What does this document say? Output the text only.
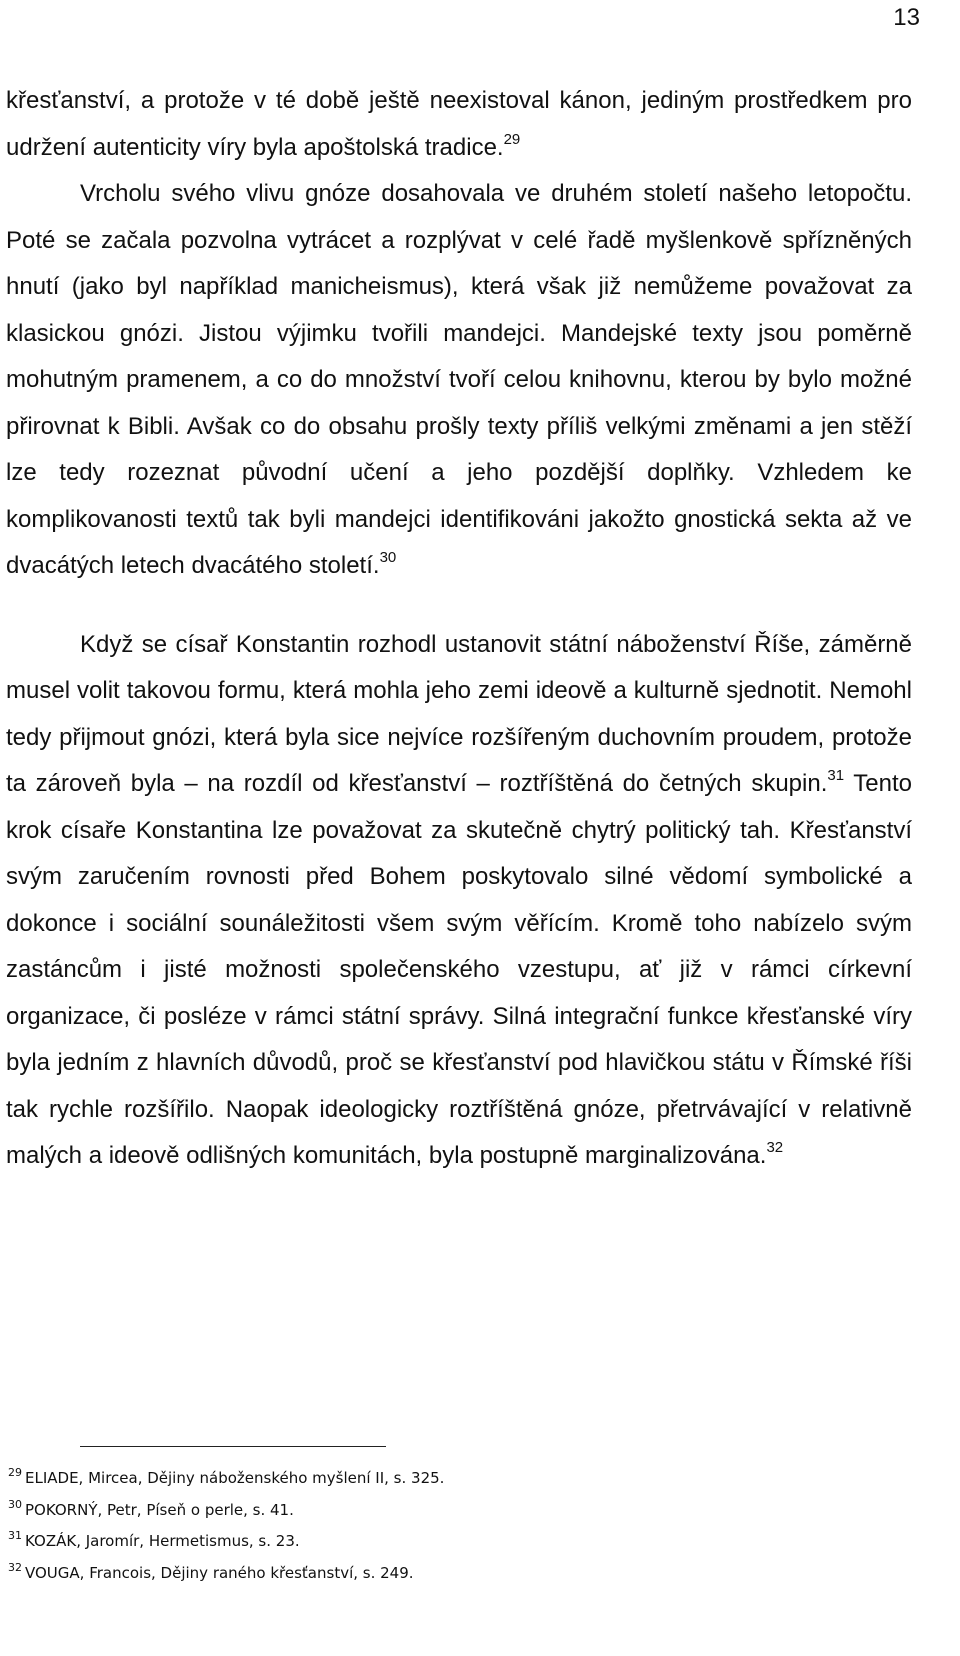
13

křesťanství, a protože v té době ještě neexistoval kánon, jediným prostředkem pro udržení autenticity víry byla apoštolská tradice.$^{29}$

Vrcholu svého vlivu gnóze dosahovala ve druhém století našeho letopočtu. Poté se začala pozvolna vytrácet a rozplývat v celé řadě myšlenkově spřízněných hnutí (jako byl například manicheismus), která však již nemůžeme považovat za klasickou gnózi. Jistou výjimku tvořili mandejci. Mandejské texty jsou poměrně mohutným pramenem, a co do množství tvoří celou knihovnu, kterou by bylo možné přirovnat k Bibli. Avšak co do obsahu prošly texty příliš velkými změnami a jen stěží lze tedy rozeznat původní učení a jeho pozdější doplňky. Vzhledem ke komplikovanosti textů tak byli mandejci identifikováni jakožto gnostická sekta až ve dvacátých letech dvacátého století.$^{30}$

Když se císař Konstantin rozhodl ustanovit státní náboženství Říše, záměrně musel volit takovou formu, která mohla jeho zemi ideově a kulturně sjednotit. Nemohl tedy přijmout gnózi, která byla sice nejvíce rozšířeným duchovním proudem, protože ta zároveň byla – na rozdíl od křesťanství – roztříštěná do četných skupin.$^{31}$ Tento krok císaře Konstantina lze považovat za skutečně chytrý politický tah. Křesťanství svým zaručením rovnosti před Bohem poskytovalo silné vědomí symbolické a dokonce i sociální sounáležitosti všem svým věřícím. Kromě toho nabízelo svým zastáncům i jisté možnosti společenského vzestupu, ať již v rámci církevní organizace, či posléze v rámci státní správy. Silná integrační funkce křesťanské víry byla jedním z hlavních důvodů, proč se křesťanství pod hlavičkou státu v Římské říši tak rychle rozšířilo. Naopak ideologicky roztříštěná gnóze, přetrvávající v relativně malých a ideově odlišných komunitách, byla postupně marginalizována.$^{32}$

$^{29}$ ELIADE, Mircea, Dějiny náboženského myšlení II, s. 325.
$^{30}$ POKORNÝ, Petr, Píseň o perle, s. 41.
$^{31}$ KOZÁK, Jaromír, Hermetismus, s. 23.
$^{32}$ VOUGA, Francois, Dějiny raného křesťanství, s. 249.
